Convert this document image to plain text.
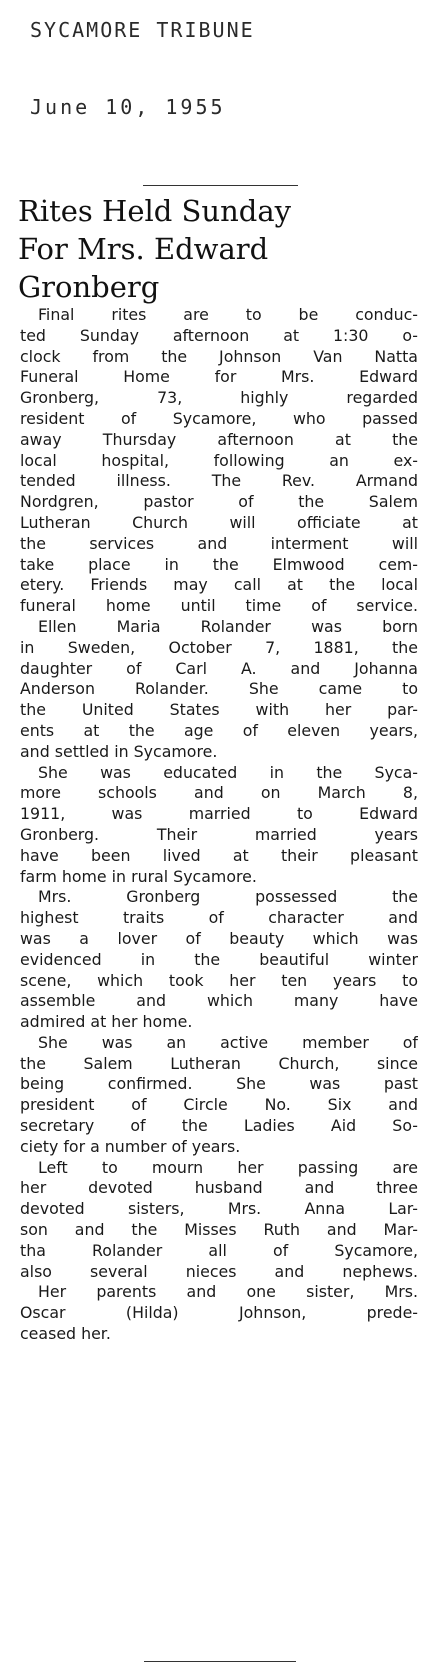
SYCAMORE TRIBUNE
June 10, 1955
Rites Held Sunday
For Mrs. Edward
Gronberg
Final rites are to be conduc-
ted Sunday afternoon at 1:30 o-
clock from the Johnson Van Natta
Funeral Home for Mrs. Edward
Gronberg, 73, highly regarded
resident of Sycamore, who passed
away Thursday afternoon at the
local hospital, following an ex-
tended illness. The Rev. Armand
Nordgren, pastor of the Salem
Lutheran Church will officiate at
the services and interment will
take place in the Elmwood cem-
etery. Friends may call at the local
funeral home until time of service.
Ellen Maria Rolander was born
in Sweden, October 7, 1881, the
daughter of Carl A. and Johanna
Anderson Rolander. She came to
the United States with her par-
ents at the age of eleven years,
and settled in Sycamore.
She was educated in the Syca-
more schools and on March 8,
1911, was married to Edward
Gronberg. Their married years
have been lived at their pleasant
farm home in rural Sycamore.
Mrs. Gronberg possessed the
highest traits of character and
was a lover of beauty which was
evidenced in the beautiful winter
scene, which took her ten years to
assemble and which many have
admired at her home.
She was an active member of
the Salem Lutheran Church, since
being confirmed. She was past
president of Circle No. Six and
secretary of the Ladies Aid So-
ciety for a number of years.
Left to mourn her passing are
her devoted husband and three
devoted sisters, Mrs. Anna Lar-
son and the Misses Ruth and Mar-
tha Rolander all of Sycamore,
also several nieces and nephews.
Her parents and one sister, Mrs.
Oscar (Hilda) Johnson, prede-
ceased her.
